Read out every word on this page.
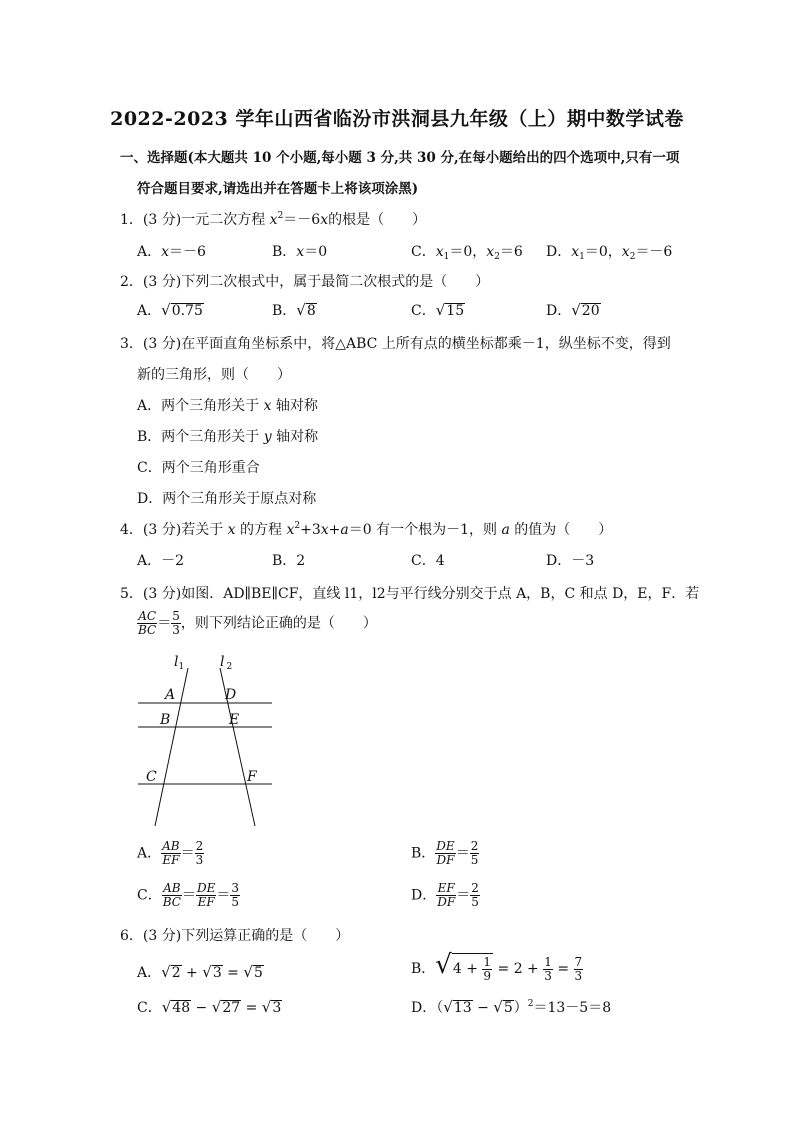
2022-2023 学年山西省临汾市洪洞县九年级（上）期中数学试卷
一、选择题(本大题共 10 个小题,每小题 3 分,共 30 分,在每小题给出的四个选项中,只有一项
符合题目要求,请选出并在答题卡上将该项涂黑)
1．(3 分)一元二次方程 $x^2=-6x$的根是（　　）
A．x＝－6	B．x＝0	C．$x_1=0$，$x_2=6$ D．$x_1=0$，$x_2=-6$
2．(3 分)下列二次根式中，属于最简二次根式的是（　　）
A．√0.75	B．√8	C．√15	D．√20
3．(3 分)在平面直角坐标系中，将△ABC 上所有点的横坐标都乘－1，纵坐标不变，得到
新的三角形，则（　　）
A．两个三角形关于 x 轴对称
B．两个三角形关于 y 轴对称
C．两个三角形重合
D．两个三角形关于原点对称
4．(3 分)若关于 x 的方程 $x^2+3x+a=0$ 有一个根为－1，则 a 的值为（　　）
A．－2	B．2	C．4	D．－3
5．(3 分)如图．AD∥BE∥CF，直线 l1，l2与平行线分别交于点 A，B，C 和点 D，E，F．若
$\frac{AC}{BC} = \frac{5}{3}$ ，则下列结论正确的是（　　）
$l_1$	l $_2$
A	D
B	E
C	F
A． $\frac{AB}{EF} = \frac{2}{3}$	B． $\frac{DE}{DF} = \frac{2}{5}$
C． $\frac{AB}{BC} = \frac{DE}{EF} = \frac{3}{5}$	D． $\frac{EF}{DF} = \frac{2}{5}$
6．(3 分)下列运算正确的是（　　）
A．√2 + √3 = √5	B．$√4 + \frac{1}{9} = 2 + \frac{1}{3} = \frac{7}{3}$
C．√48 − √27 = √3	D．$(√13 - √5)^2=13-5=8$
